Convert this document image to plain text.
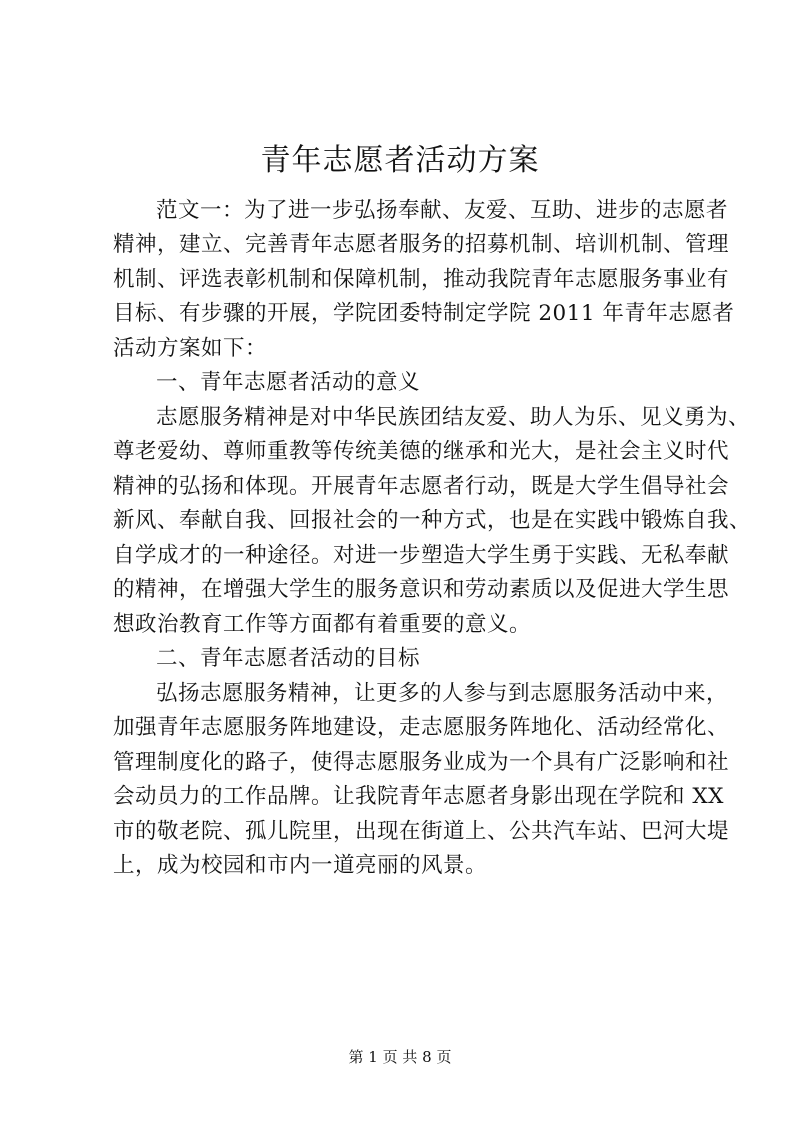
青年志愿者活动方案
范文一：为了进一步弘扬奉献、友爱、互助、进步的志愿者
精神，建立、完善青年志愿者服务的招募机制、培训机制、管理
机制、评选表彰机制和保障机制，推动我院青年志愿服务事业有
目标、有步骤的开展，学院团委特制定学院 2011 年青年志愿者
活动方案如下：
一、青年志愿者活动的意义
志愿服务精神是对中华民族团结友爱、助人为乐、见义勇为、
尊老爱幼、尊师重教等传统美德的继承和光大，是社会主义时代
精神的弘扬和体现。开展青年志愿者行动，既是大学生倡导社会
新风、奉献自我、回报社会的一种方式，也是在实践中锻炼自我、
自学成才的一种途径。对进一步塑造大学生勇于实践、无私奉献
的精神，在增强大学生的服务意识和劳动素质以及促进大学生思
想政治教育工作等方面都有着重要的意义。
二、青年志愿者活动的目标
弘扬志愿服务精神，让更多的人参与到志愿服务活动中来，
加强青年志愿服务阵地建设，走志愿服务阵地化、活动经常化、
管理制度化的路子，使得志愿服务业成为一个具有广泛影响和社
会动员力的工作品牌。让我院青年志愿者身影出现在学院和 XX
市的敬老院、孤儿院里，出现在街道上、公共汽车站、巴河大堤
上，成为校园和市内一道亮丽的风景。
第 1 页 共 8 页
